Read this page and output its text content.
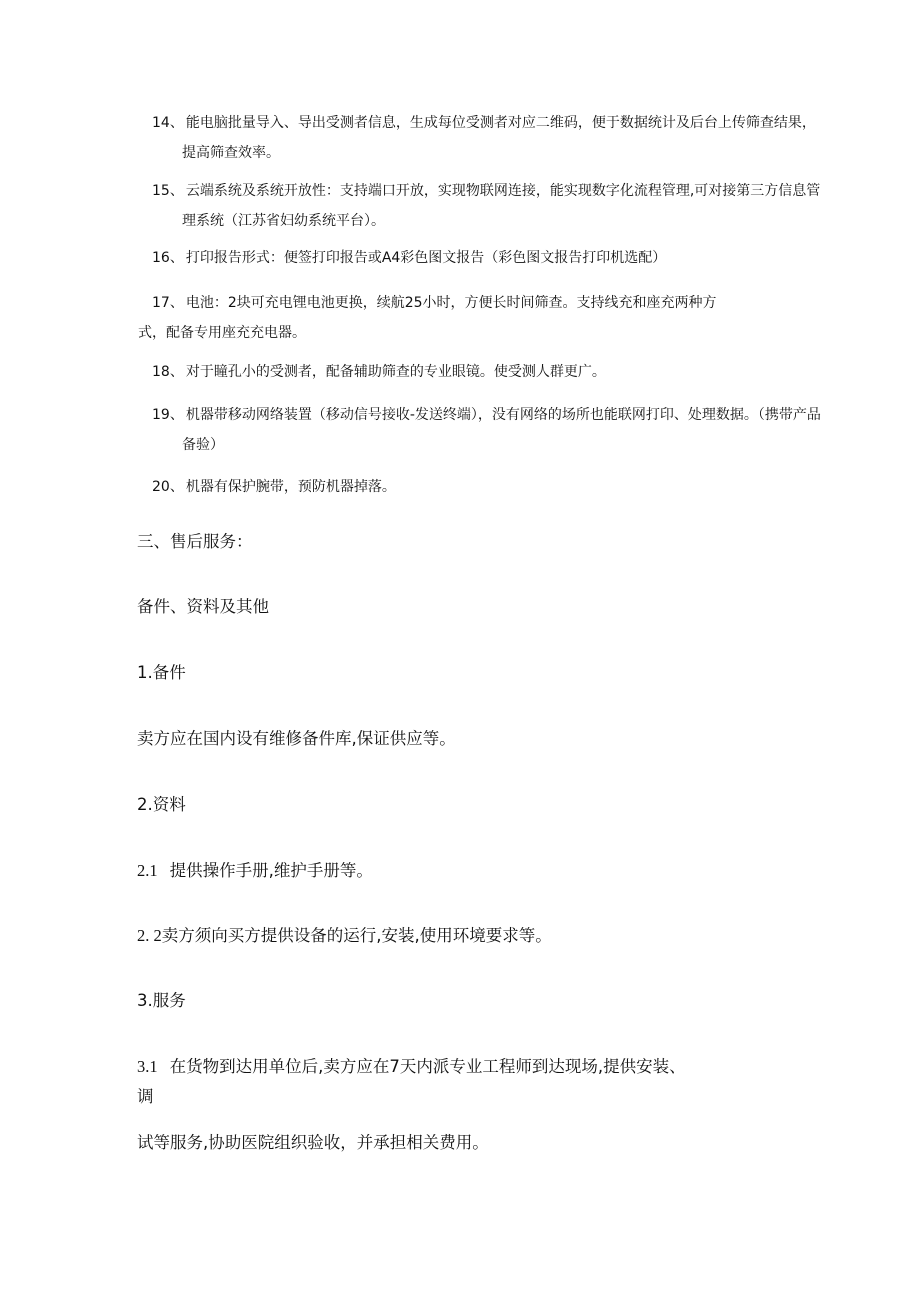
14、 能电脑批量导入、导出受测者信息，生成每位受测者对应二维码，便于数据统计及后台上传筛查结果，提高筛查效率。

15、 云端系统及系统开放性：支持端口开放，实现物联网连接，能实现数字化流程管理,可对接第三方信息管理系统（江苏省妇幼系统平台）。

16、 打印报告形式：便签打印报告或A4彩色图文报告（彩色图文报告打印机选配）

17、 电池：2块可充电锂电池更换，续航25小时，方便长时间筛查。支持线充和座充两种方
式，配备专用座充充电器。

18、 对于瞳孔小的受测者，配备辅助筛查的专业眼镜。使受测人群更广。

19、 机器带移动网络装置（移动信号接收-发送终端），没有网络的场所也能联网打印、处理数据。（携带产品备验）

20、 机器有保护腕带，预防机器掉落。

三、售后服务：

备件、资料及其他

1.备件

卖方应在国内设有维修备件库,保证供应等。

2.资料

2.1 提供操作手册,维护手册等。

2. 2卖方须向买方提供设备的运行,安装,使用环境要求等。

3.服务

3.1 在货物到达用单位后,卖方应在7天内派专业工程师到达现场,提供安装、
调

试等服务,协助医院组织验收，并承担相关费用。
